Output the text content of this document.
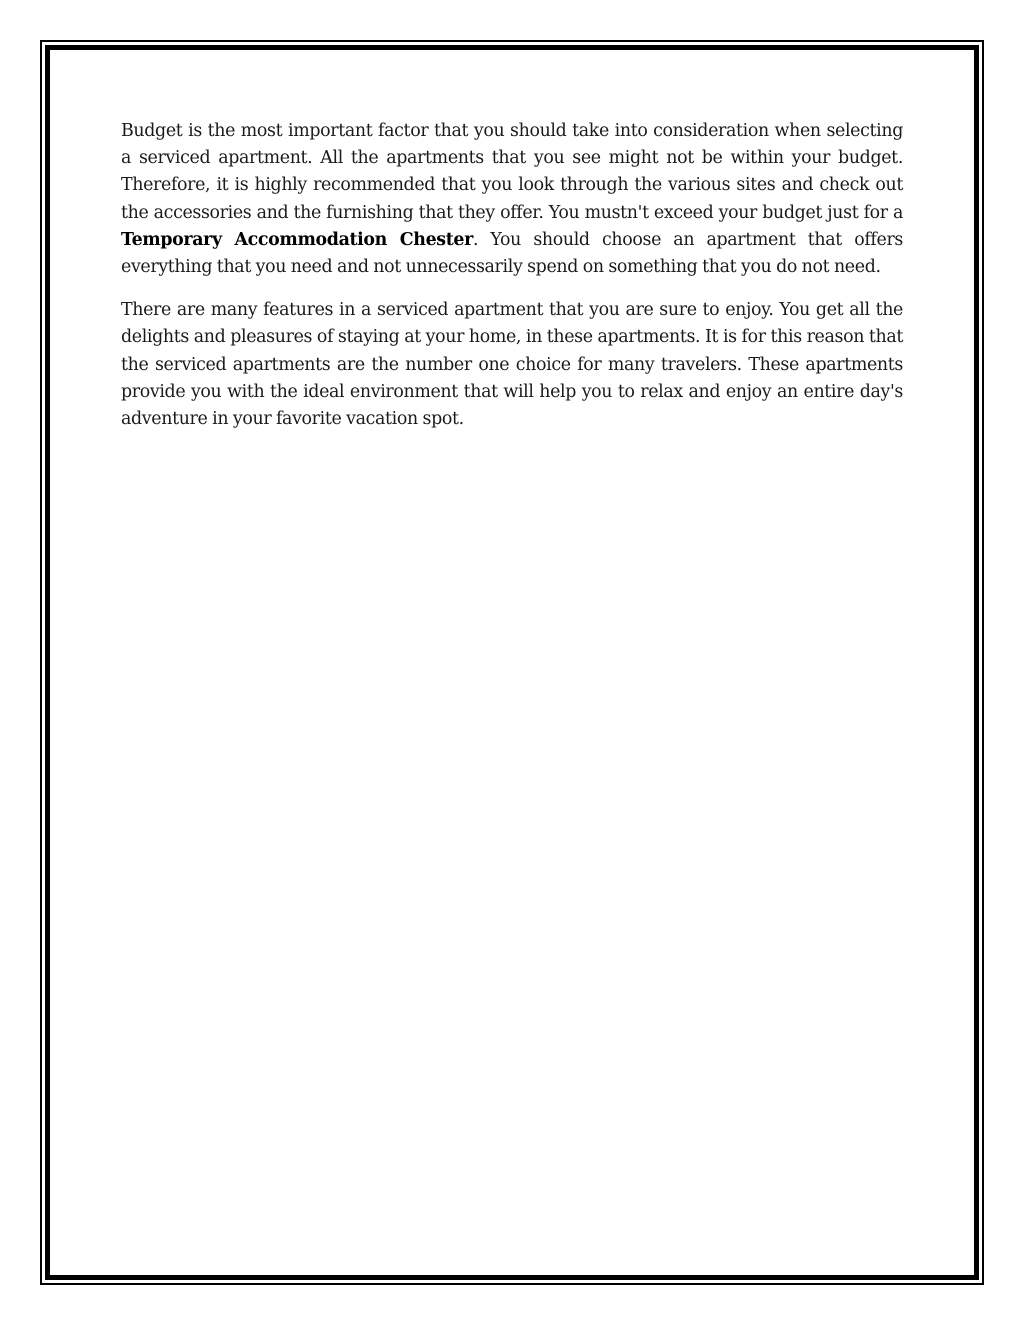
Budget is the most important factor that you should take into consideration when selecting a serviced apartment. All the apartments that you see might not be within your budget. Therefore, it is highly recommended that you look through the various sites and check out the accessories and the furnishing that they offer. You mustn't exceed your budget just for a Temporary Accommodation Chester. You should choose an apartment that offers everything that you need and not unnecessarily spend on something that you do not need.

There are many features in a serviced apartment that you are sure to enjoy. You get all the delights and pleasures of staying at your home, in these apartments. It is for this reason that the serviced apartments are the number one choice for many travelers. These apartments provide you with the ideal environment that will help you to relax and enjoy an entire day's adventure in your favorite vacation spot.
